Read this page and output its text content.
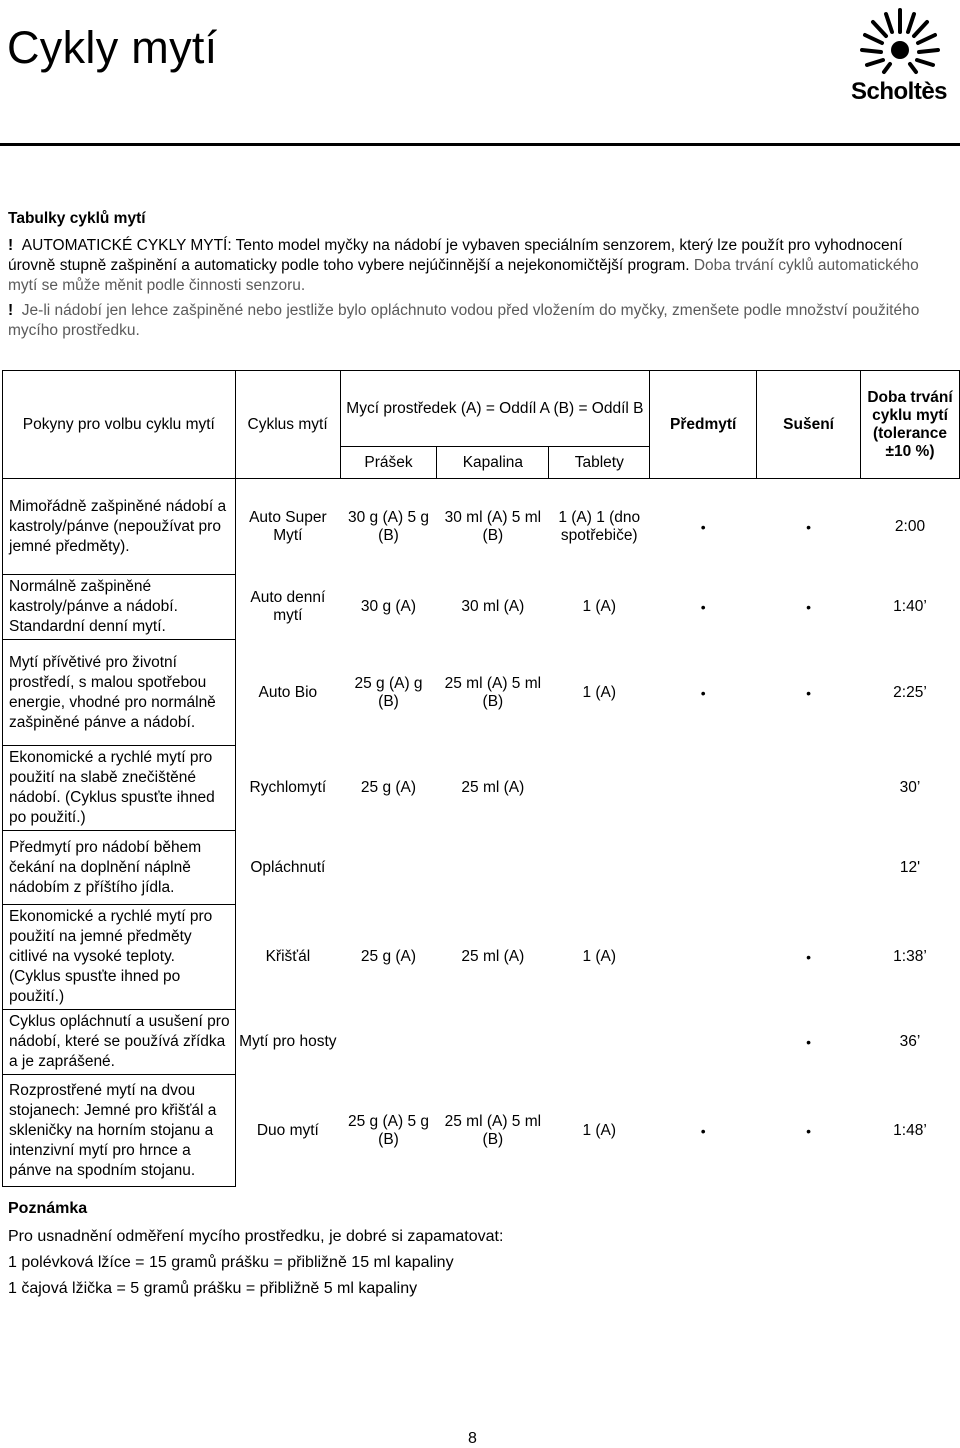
Cykly mytí
Scholtès
Tabulky cyklů mytí
! AUTOMATICKÉ CYKLY MYTÍ: Tento model myčky na nádobí je vybaven speciálním senzorem, který lze použít pro vyhodnocení úrovně stupně zašpinění a automaticky podle toho vybere nejúčinnější a nejekonomičtější program. Doba trvání cyklů automatického mytí se může měnit podle činnosti senzoru.
! Je-li nádobí jen lehce zašpiněné nebo jestliže bylo opláchnuto vodou před vložením do myčky, zmenšete podle množství použitého mycího prostředku.
Pokyny pro volbu cyklu mytí	Cyklus mytí	Mycí prostředek (A) = Oddíl A (B) = Oddíl B			Předmytí	Sušení	Doba trvání cyklu mytí (tolerance ±10 %)
		Prášek	Kapalina	Tablety			
Mimořádně zašpiněné nádobí a kastroly/pánve (nepoužívat pro jemné předměty).	Auto Super Mytí	30 g (A) 5 g (B)	30 ml (A) 5 ml (B)	1 (A) 1 (dno spotřebiče)	•	•	2:00
Normálně zašpiněné kastroly/pánve a nádobí. Standardní denní mytí.	Auto denní mytí	30 g (A)	30 ml (A)	1 (A)	•	•	1:40’
Mytí přívětivé pro životní prostředí, s malou spotřebou energie, vhodné pro normálně zašpiněné pánve a nádobí.	Auto Bio	25 g (A) g (B)	25 ml (A) 5 ml (B)	1 (A)	•	•	2:25’
Ekonomické a rychlé mytí pro použití na slabě znečištěné nádobí. (Cyklus spusťte ihned po použití.)	Rychlomytí	25 g (A)	25 ml (A)				30’
Předmytí pro nádobí během čekání na doplnění náplně nádobím z příštího jídla.	Opláchnutí						12'
Ekonomické a rychlé mytí pro použití na jemné předměty citlivé na vysoké teploty. (Cyklus spusťte ihned po použití.)	Křišťál	25 g (A)	25 ml (A)	1 (A)		•	1:38’
Cyklus opláchnutí a usušení pro nádobí, které se používá zřídka a je zaprášené.	Mytí pro hosty					•	36’
Rozprostřené mytí na dvou stojanech: Jemné pro křišťál a skleničky na horním stojanu a intenzivní mytí pro hrnce a pánve na spodním stojanu.	Duo mytí	25 g (A) 5 g (B)	25 ml (A) 5 ml (B)	1 (A)	•	•	1:48’
Poznámka
Pro usnadnění odměření mycího prostředku, je dobré si zapamatovat:
1 polévková lžíce = 15 gramů prášku = přibližně 15 ml kapaliny
1 čajová lžička = 5 gramů prášku = přibližně 5 ml kapaliny
8
